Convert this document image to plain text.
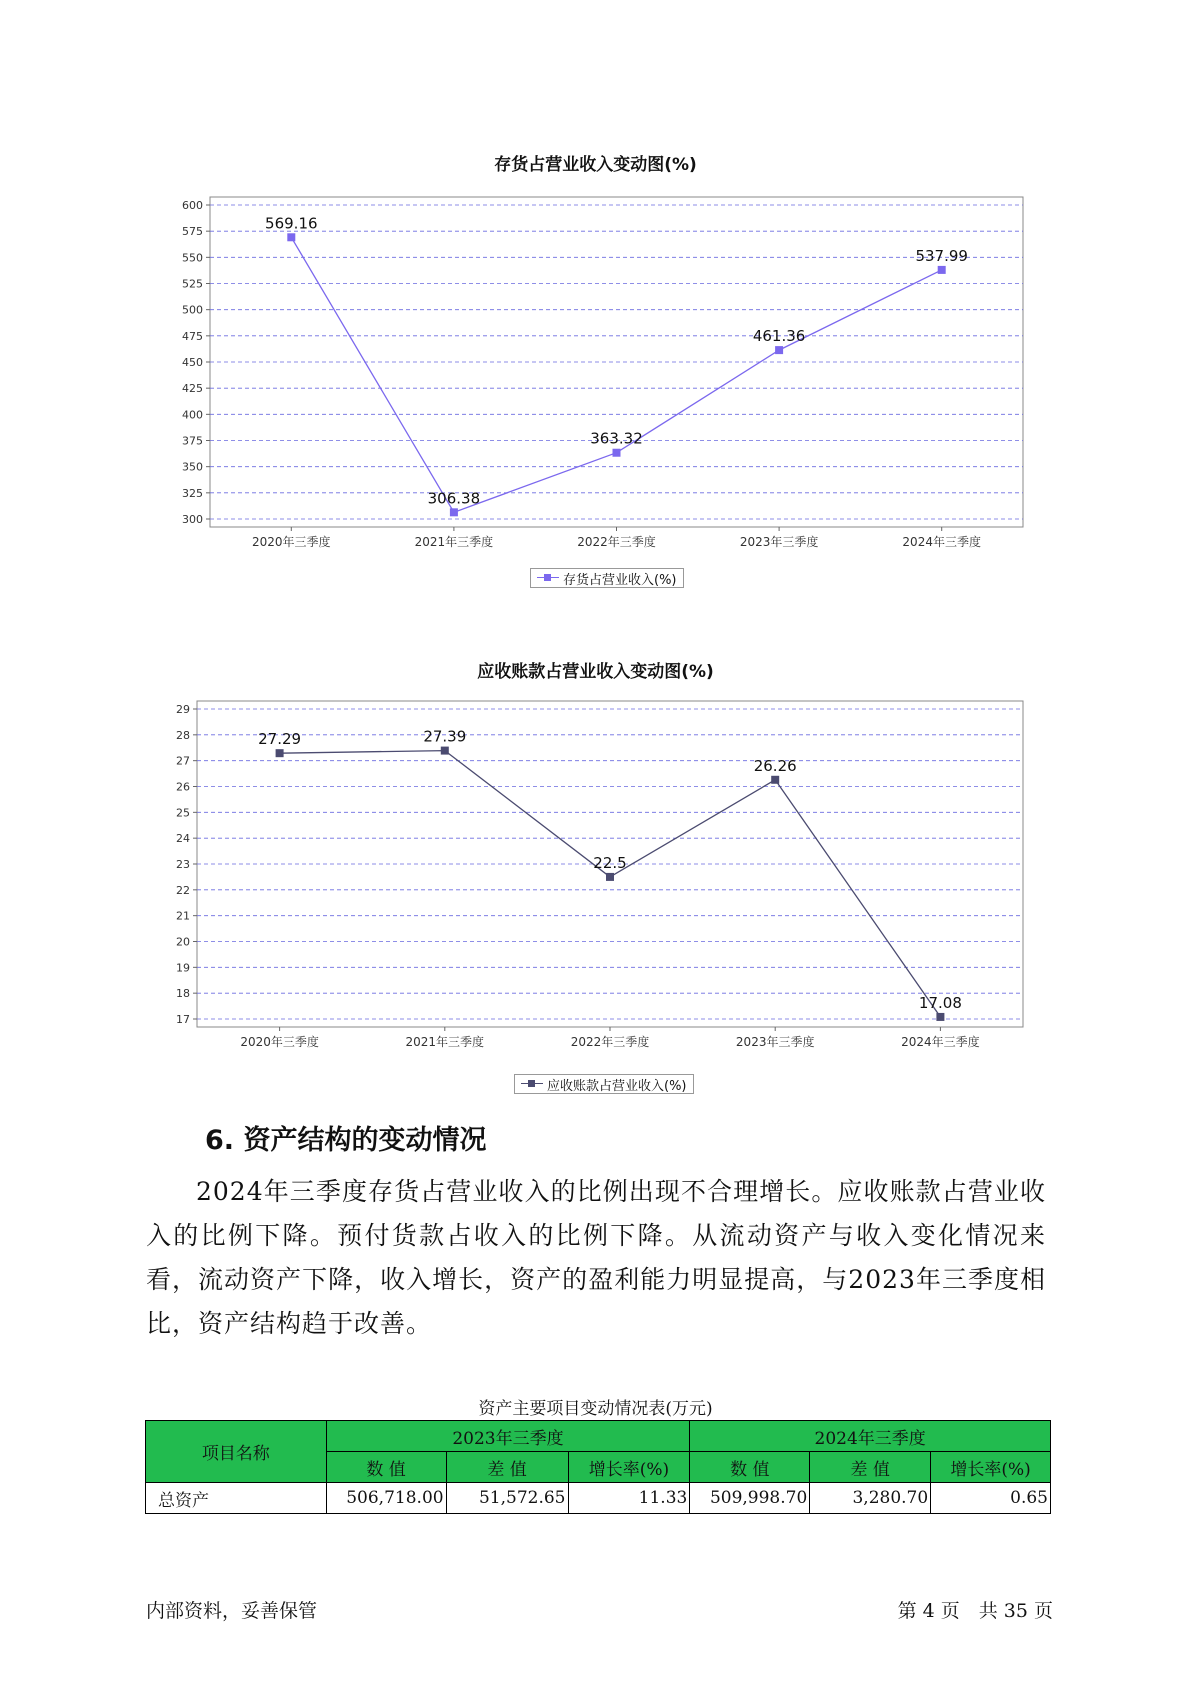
存货占营业收入变动图(%)
300
325
350
375
400
425
450
475
500
525
550
575
600
2020年三季度	2021年三季度	2022年三季度	2023年三季度	2024年三季度
569.16
306.38
363.32
461.36
537.99
存货占营业收入(%)
应收账款占营业收入变动图(%)
17
18
19
20
21
22
23
24
25
26
27
28
29
2020年三季度	2021年三季度	2022年三季度	2023年三季度	2024年三季度
27.29	27.39
22.5
26.26
17.08
应收账款占营业收入(%)
6. 资产结构的变动情况
2024年三季度存货占营业收入的比例出现不合理增长。应收账款占营业收入的比例下降。预付货款占收入的比例下降。从流动资产与收入变化情况来看，流动资产下降，收入增长，资产的盈利能力明显提高，与2023年三季度相比，资产结构趋于改善。
资产主要项目变动情况表(万元)
项目名称	2023年三季度			2024年三季度		
	数 值	差 值	增长率(%)	数 值	差 值	增长率(%)
总资产	506,718.00	51,572.65	11.33	509,998.70	3,280.70	0.65
内部资料，妥善保管	第 4 页　共 35 页
